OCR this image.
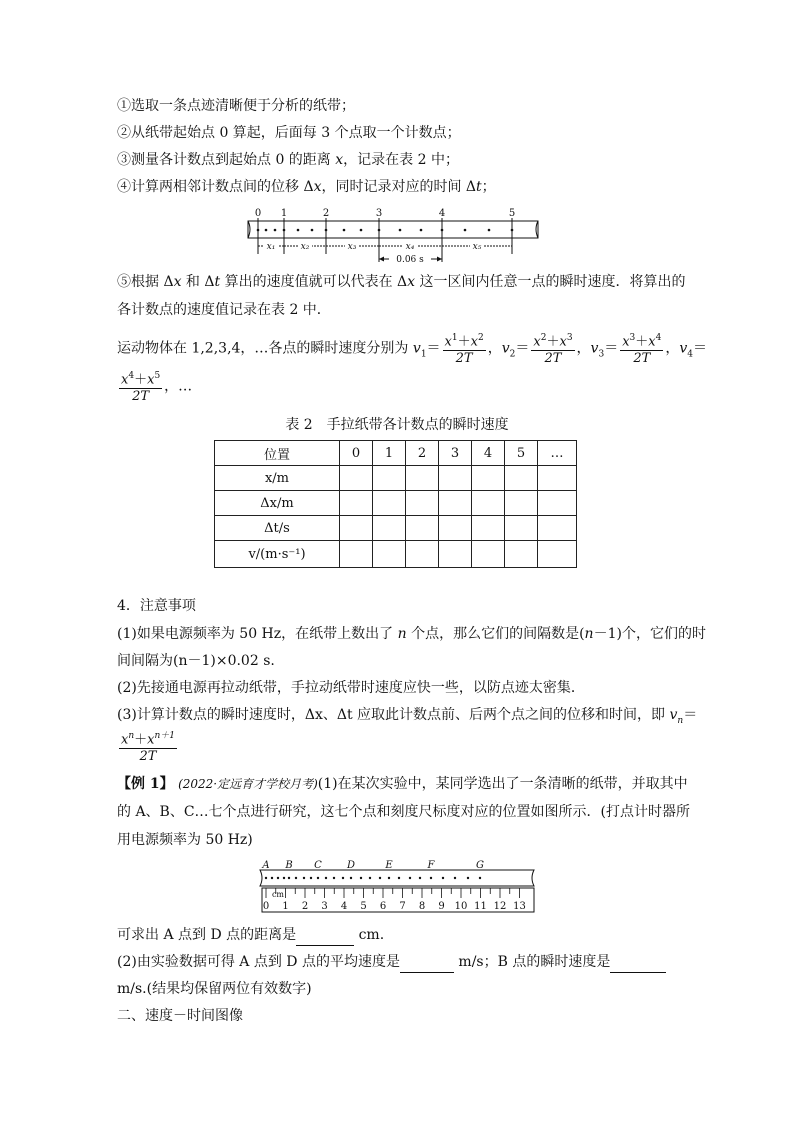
①选取一条点迹清晰便于分析的纸带；
②从纸带起始点 0 算起，后面每 3 个点取一个计数点；
③测量各计数点到起始点 0 的距离 x，记录在表 2 中；
④计算两相邻计数点间的位移 Δx，同时记录对应的时间 Δt；
0 1	2	3	4	5
x₁	x₂	x₃	x₄	x₅
0.06 s
⑤根据 Δx 和 Δt 算出的速度值就可以代表在 Δx 这一区间内任意一点的瞬时速度．将算出的
各计数点的速度值记录在表 2 中．
运动物体在 1,2,3,4，…各点的瞬时速度分别为 $v_1= \frac{x^1+x^2}{2T}$ ，$v_2= \frac{x^2+x^3}{2T}$ ，$v_3= \frac{x^3+x^4}{2T}$ ，$v_4=$
$\frac{x^4+x^5}{2T}$ ，…
表 2　手拉纸带各计数点的瞬时速度
位置	0	1	2	3	4	5	…
x/m							
Δx/m							
Δt/s							
v/(m·s⁻¹)							
4．注意事项
(1)如果电源频率为 50 Hz，在纸带上数出了 n 个点，那么它们的间隔数是(n－1)个，它们的时
间间隔为(n－1)×0.02 s.
(2)先接通电源再拉动纸带，手拉动纸带时速度应快一些，以防点迹太密集．
(3)计算计数点的瞬时速度时，Δx、Δt 应取此计数点前、后两个点之间的位移和时间，即 $v_n=$
$\frac{x^n+x^{n+1}}{2T}$
【例 1】 (2022·定远育才学校月考)(1)在某次实验中，某同学选出了一条清晰的纸带，并取其中
的 A、B、C…七个点进行研究，这七个点和刻度尺标度对应的位置如图所示．(打点计时器所
用电源频率为 50 Hz)
A B C	D	E	F	G
cm
0 1 2 3 4 5 6 7 8 9 10 11 12 13
可求出 A 点到 D 点的距离是	cm.
(2)由实验数据可得 A 点到 D 点的平均速度是	m/s；B 点的瞬时速度是
m/s.(结果均保留两位有效数字)
二、速度－时间图像
